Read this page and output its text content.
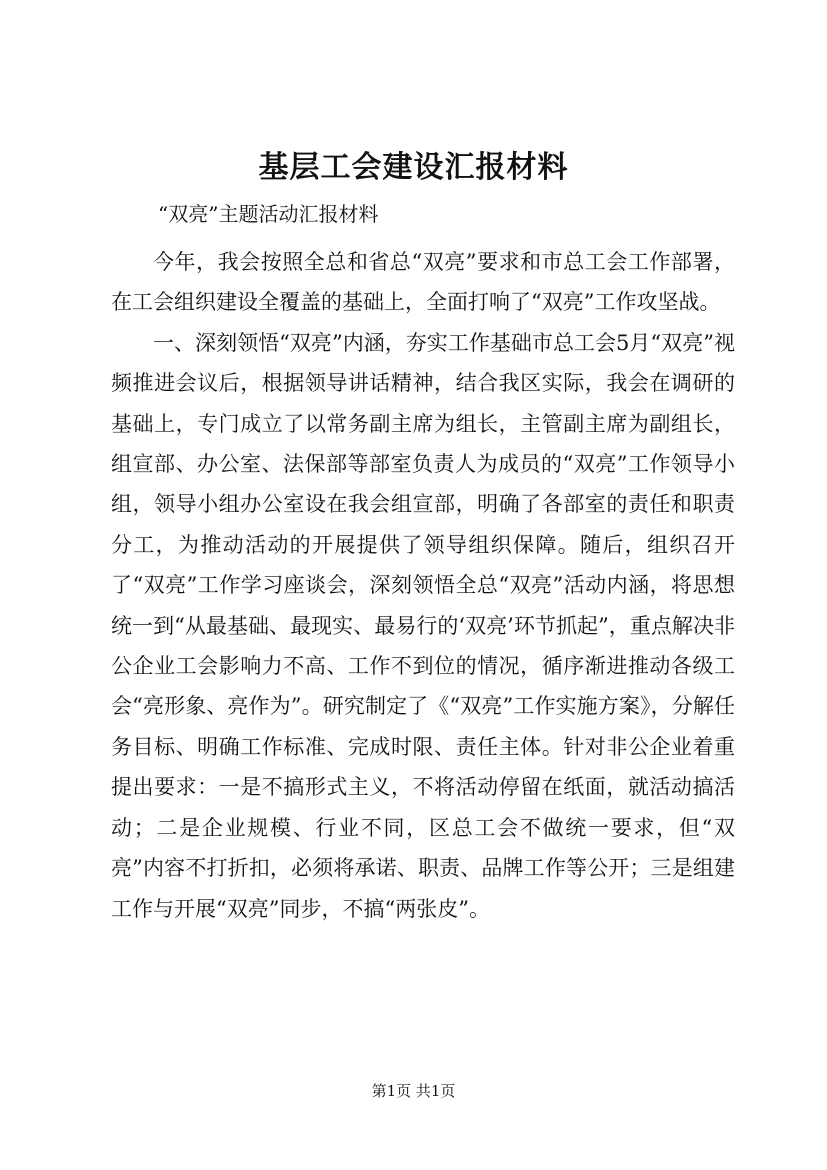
基层工会建设汇报材料
“双亮”主题活动汇报材料

今年，我会按照全总和省总“双亮”要求和市总工会工作部署，在工会组织建设全覆盖的基础上，全面打响了“双亮”工作攻坚战。

一、深刻领悟“双亮”内涵，夯实工作基础市总工会5月“双亮”视频推进会议后，根据领导讲话精神，结合我区实际，我会在调研的基础上，专门成立了以常务副主席为组长，主管副主席为副组长，组宣部、办公室、法保部等部室负责人为成员的“双亮”工作领导小组，领导小组办公室设在我会组宣部，明确了各部室的责任和职责分工，为推动活动的开展提供了领导组织保障。随后，组织召开了“双亮”工作学习座谈会，深刻领悟全总“双亮”活动内涵，将思想统一到“从最基础、最现实、最易行的‘双亮’环节抓起”，重点解决非公企业工会影响力不高、工作不到位的情况，循序渐进推动各级工会“亮形象、亮作为”。研究制定了《“双亮”工作实施方案》，分解任务目标、明确工作标准、完成时限、责任主体。针对非公企业着重提出要求：一是不搞形式主义，不将活动停留在纸面，就活动搞活动；二是企业规模、行业不同，区总工会不做统一要求，但“双亮”内容不打折扣，必须将承诺、职责、品牌工作等公开；三是组建工作与开展“双亮”同步，不搞“两张皮”。

第1页 共1页
